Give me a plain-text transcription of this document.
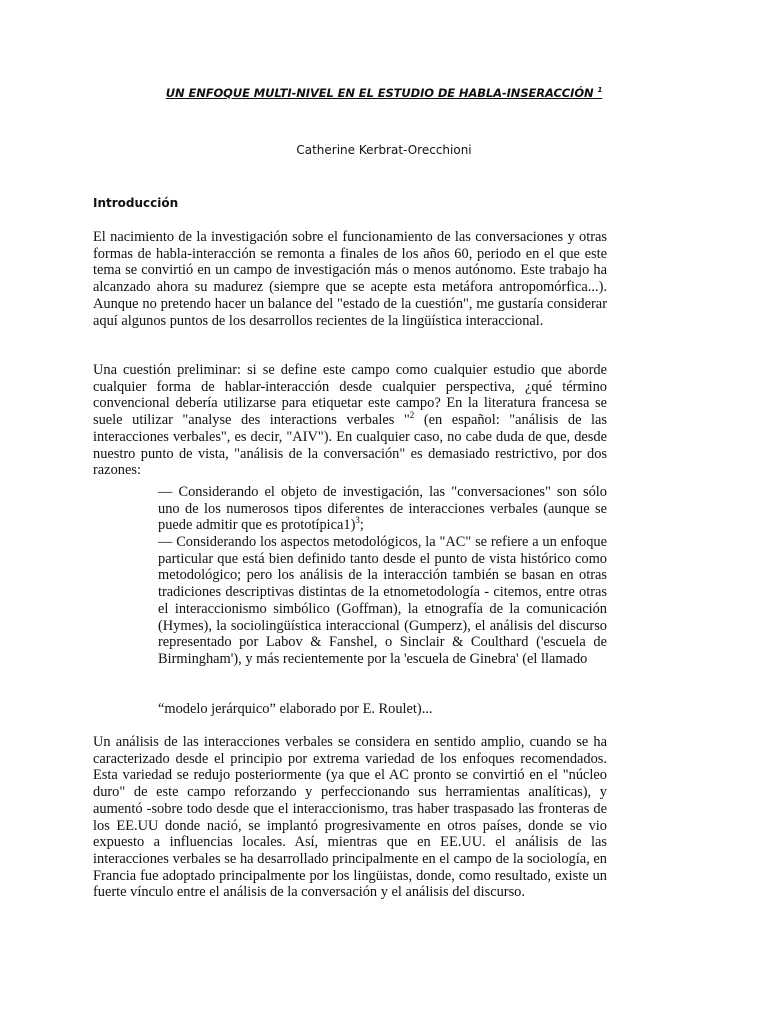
UN ENFOQUE MULTI-NIVEL EN EL ESTUDIO DE HABLA-INSERACCIÓN $^1$
Catherine Kerbrat-Orecchioni
Introducción

El nacimiento de la investigación sobre el funcionamiento de las conversaciones y otras formas de habla-interacción se remonta a finales de los años 60, periodo en el que este tema se convirtió en un campo de investigación más o menos autónomo. Este trabajo ha alcanzado ahora su madurez (siempre que se acepte esta metáfora antropomórfica...). Aunque no pretendo hacer un balance del "estado de la cuestión", me gustaría considerar aquí algunos puntos de los desarrollos recientes de la lingüística interaccional.

Una cuestión preliminar: si se define este campo como cualquier estudio que aborde cualquier forma de hablar-interacción desde cualquier perspectiva, ¿qué término convencional debería utilizarse para etiquetar este campo? En la literatura francesa se suele utilizar "analyse des interactions verbales "$^2$ (en español: "análisis de las interacciones verbales", es decir, "AIV"). En cualquier caso, no cabe duda de que, desde nuestro punto de vista, "análisis de la conversación" es demasiado restrictivo, por dos razones:

— Considerando el objeto de investigación, las "conversaciones" son sólo uno de los numerosos tipos diferentes de interacciones verbales (aunque se puede admitir que es prototípica1)$^3$;

— Considerando los aspectos metodológicos, la "AC" se refiere a un enfoque particular que está bien definido tanto desde el punto de vista histórico como metodológico; pero los análisis de la interacción también se basan en otras tradiciones descriptivas distintas de la etnometodología - citemos, entre otras el interaccionismo simbólico (Goffman), la etnografía de la comunicación (Hymes), la sociolingüística interaccional (Gumperz), el análisis del discurso representado por Labov & Fanshel, o Sinclair & Coulthard ('escuela de Birmingham'), y más recientemente por la 'escuela de Ginebra' (el llamado

“modelo jerárquico” elaborado por E. Roulet)...

Un análisis de las interacciones verbales se considera en sentido amplio, cuando se ha caracterizado desde el principio por extrema variedad de los enfoques recomendados. Esta variedad se redujo posteriormente (ya que el AC pronto se convirtió en el "núcleo duro" de este campo reforzando y perfeccionando sus herramientas analíticas), y aumentó -sobre todo desde que el interaccionismo, tras haber traspasado las fronteras de los EE.UU donde nació, se implantó progresivamente en otros países, donde se vio expuesto a influencias locales. Así, mientras que en EE.UU. el análisis de las interacciones verbales se ha desarrollado principalmente en el campo de la sociología, en Francia fue adoptado principalmente por los lingüistas, donde, como resultado, existe un fuerte vínculo entre el análisis de la conversación y el análisis del discurso.
